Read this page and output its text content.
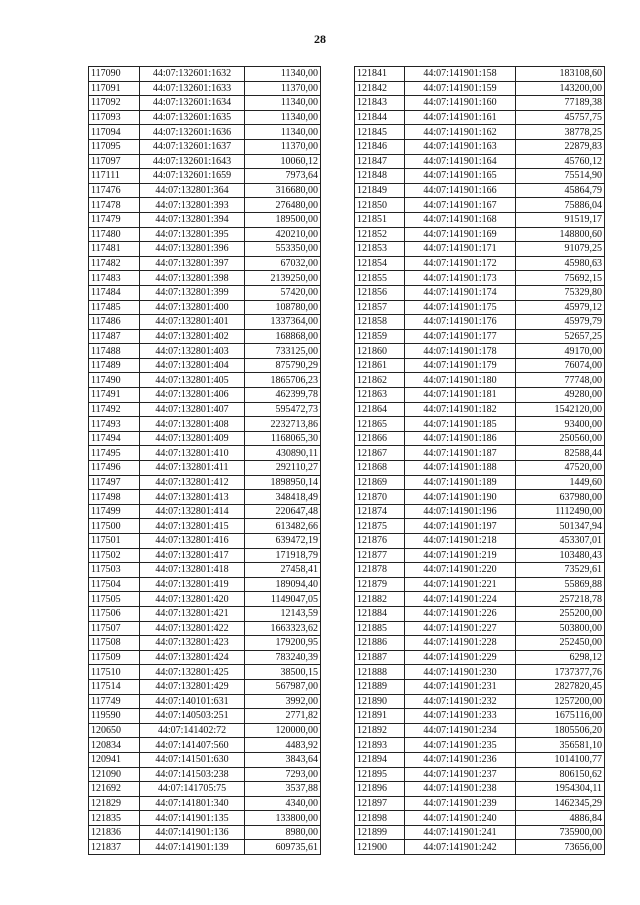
28
117090	44:07:132601:1632	11340,00
117091	44:07:132601:1633	11370,00
117092	44:07:132601:1634	11340,00
117093	44:07:132601:1635	11340,00
117094	44:07:132601:1636	11340,00
117095	44:07:132601:1637	11370,00
117097	44:07:132601:1643	10060,12
117111	44:07:132601:1659	7973,64
117476	44:07:132801:364	316680,00
117478	44:07:132801:393	276480,00
117479	44:07:132801:394	189500,00
117480	44:07:132801:395	420210,00
117481	44:07:132801:396	553350,00
117482	44:07:132801:397	67032,00
117483	44:07:132801:398	2139250,00
117484	44:07:132801:399	57420,00
117485	44:07:132801:400	108780,00
117486	44:07:132801:401	1337364,00
117487	44:07:132801:402	168868,00
117488	44:07:132801:403	733125,00
117489	44:07:132801:404	875790,29
117490	44:07:132801:405	1865706,23
117491	44:07:132801:406	462399,78
117492	44:07:132801:407	595472,73
117493	44:07:132801:408	2232713,86
117494	44:07:132801:409	1168065,30
117495	44:07:132801:410	430890,11
117496	44:07:132801:411	292110,27
117497	44:07:132801:412	1898950,14
117498	44:07:132801:413	348418,49
117499	44:07:132801:414	220647,48
117500	44:07:132801:415	613482,66
117501	44:07:132801:416	639472,19
117502	44:07:132801:417	171918,79
117503	44:07:132801:418	27458,41
117504	44:07:132801:419	189094,40
117505	44:07:132801:420	1149047,05
117506	44:07:132801:421	12143,59
117507	44:07:132801:422	1663323,62
117508	44:07:132801:423	179200,95
117509	44:07:132801:424	783240,39
117510	44:07:132801:425	38500,15
117514	44:07:132801:429	567987,00
117749	44:07:140101:631	3992,00
119590	44:07:140503:251	2771,82
120650	44:07:141402:72	120000,00
120834	44:07:141407:560	4483,92
120941	44:07:141501:630	3843,64
121090	44:07:141503:238	7293,00
121692	44:07:141705:75	3537,88
121829	44:07:141801:340	4340,00
121835	44:07:141901:135	133800,00
121836	44:07:141901:136	8980,00
121837	44:07:141901:139	609735,61
121841	44:07:141901:158	183108,60
121842	44:07:141901:159	143200,00
121843	44:07:141901:160	77189,38
121844	44:07:141901:161	45757,75
121845	44:07:141901:162	38778,25
121846	44:07:141901:163	22879,83
121847	44:07:141901:164	45760,12
121848	44:07:141901:165	75514,90
121849	44:07:141901:166	45864,79
121850	44:07:141901:167	75886,04
121851	44:07:141901:168	91519,17
121852	44:07:141901:169	148800,60
121853	44:07:141901:171	91079,25
121854	44:07:141901:172	45980,63
121855	44:07:141901:173	75692,15
121856	44:07:141901:174	75329,80
121857	44:07:141901:175	45979,12
121858	44:07:141901:176	45979,79
121859	44:07:141901:177	52657,25
121860	44:07:141901:178	49170,00
121861	44:07:141901:179	76074,00
121862	44:07:141901:180	77748,00
121863	44:07:141901:181	49280,00
121864	44:07:141901:182	1542120,00
121865	44:07:141901:185	93400,00
121866	44:07:141901:186	250560,00
121867	44:07:141901:187	82588,44
121868	44:07:141901:188	47520,00
121869	44:07:141901:189	1449,60
121870	44:07:141901:190	637980,00
121874	44:07:141901:196	1112490,00
121875	44:07:141901:197	501347,94
121876	44:07:141901:218	453307,01
121877	44:07:141901:219	103480,43
121878	44:07:141901:220	73529,61
121879	44:07:141901:221	55869,88
121882	44:07:141901:224	257218,78
121884	44:07:141901:226	255200,00
121885	44:07:141901:227	503800,00
121886	44:07:141901:228	252450,00
121887	44:07:141901:229	6298,12
121888	44:07:141901:230	1737377,76
121889	44:07:141901:231	2827820,45
121890	44:07:141901:232	1257200,00
121891	44:07:141901:233	1675116,00
121892	44:07:141901:234	1805506,20
121893	44:07:141901:235	356581,10
121894	44:07:141901:236	1014100,77
121895	44:07:141901:237	806150,62
121896	44:07:141901:238	1954304,11
121897	44:07:141901:239	1462345,29
121898	44:07:141901:240	4886,84
121899	44:07:141901:241	735900,00
121900	44:07:141901:242	73656,00
